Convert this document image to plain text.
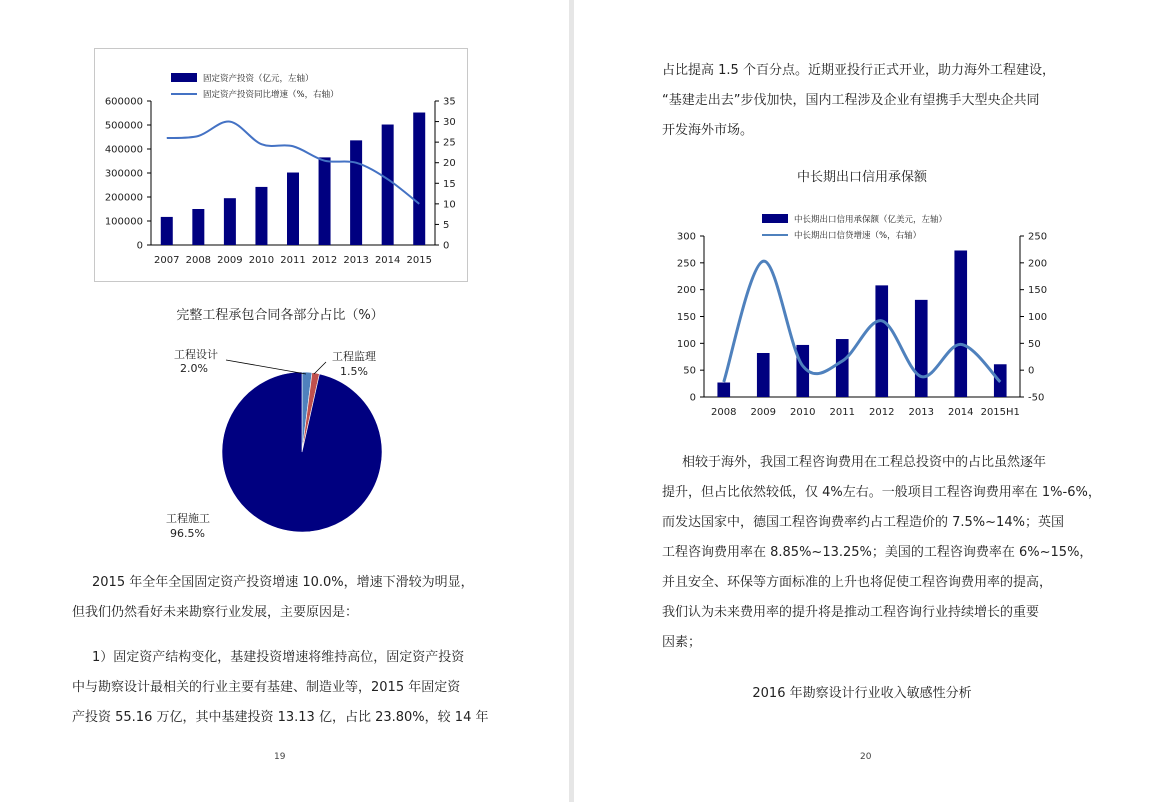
0
100000
200000
300000
400000
500000
600000
0
5
10
15
20
25
30
35
2007 2008 2009 2010 2011 2012 2013 2014 2015
固定资产投资（亿元，左轴）
固定资产投资同比增速（%，右轴）
完整工程承包合同各部分占比（%）
工程设计
2.0%
工程监理
1.5%
工程施工
96.5%

2015 年全年全国固定资产投资增速 10.0%，增速下滑较为明显，

但我们仍然看好未来勘察行业发展，主要原因是：

1）固定资产结构变化，基建投资增速将维持高位，固定资产投资

中与勘察设计最相关的行业主要有基建、制造业等，2015 年固定资

产投资 55.16 万亿，其中基建投资 13.13 亿，占比 23.80%，较 14 年

19

占比提高 1.5 个百分点。近期亚投行正式开业，助力海外工程建设，

“基建走出去”步伐加快，国内工程涉及企业有望携手大型央企共同

开发海外市场。

中长期出口信用承保额
0
50
100
150
200
250
300
-50
0
50
100
150
200
250
2008 2009 2010 2011 2012 2013 2014 2015H1
中长期出口信用承保额（亿美元，左轴）
中长期出口信贷增速（%，右轴）

相较于海外，我国工程咨询费用在工程总投资中的占比虽然逐年

提升，但占比依然较低，仅 4%左右。一般项目工程咨询费用率在 1%-6%，

而发达国家中，德国工程咨询费率约占工程造价的 7.5%~14%；英国

工程咨询费用率在 8.85%~13.25%；美国的工程咨询费率在 6%~15%，

并且安全、环保等方面标准的上升也将促使工程咨询费用率的提高，

我们认为未来费用率的提升将是推动工程咨询行业持续增长的重要

因素；

2016 年勘察设计行业收入敏感性分析
20
